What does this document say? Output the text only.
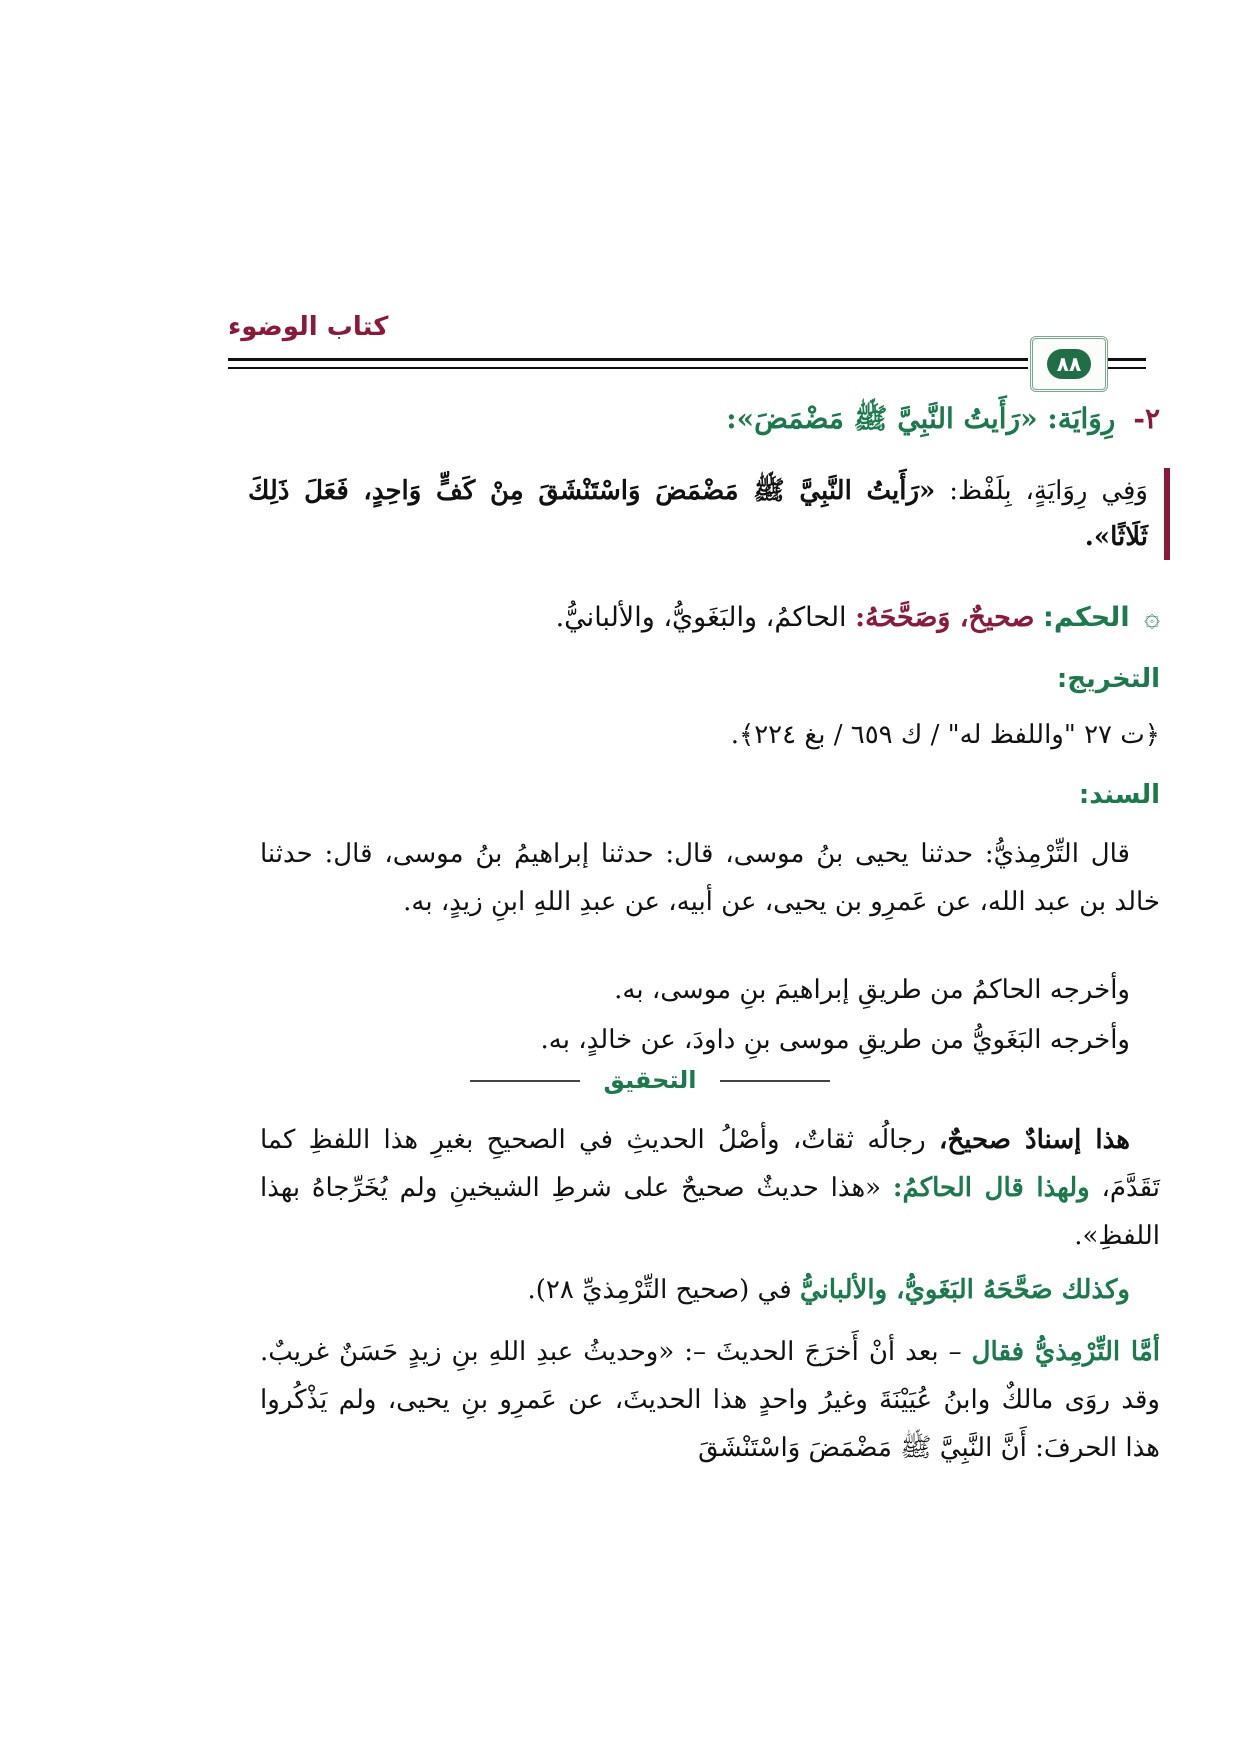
كتاب الوضوء
٨٨
٢-رِوَايَة: «رَأَيتُ النَّبِيَّ ﷺ مَضْمَضَ»:

وَفِي رِوَايَةٍ، بِلَفْظ: «رَأَيتُ النَّبِيَّ ﷺ مَضْمَضَ وَاسْتَنْشَقَ مِنْ كَفٍّ وَاحِدٍ، فَعَلَ ذَلِكَ ثَلَاثًا».

۞ الحكم: صحيحٌ، وَصَحَّحَهُ: الحاكمُ، والبَغَويُّ، والألبانيُّ.
التخريج:
﴿ت ٢٧ "واللفظ له" / ك ٦٥٩ / بغ ٢٢٤﴾.
السند:

قال التِّرْمِذيُّ: حدثنا يحيى بنُ موسى، قال: حدثنا إبراهيمُ بنُ موسى، قال: حدثنا خالد بن عبد الله، عن عَمرِو بن يحيى، عن أبيه، عن عبدِ اللهِ ابنِ زيدٍ، به.

وأخرجه الحاكمُ من طريقِ إبراهيمَ بنِ موسى، به.

التحقيق

وأخرجه البَغَويُّ من طريقِ موسى بنِ داودَ، عن خالدٍ، به.

هذا إسنادٌ صحيحٌ، رجالُه ثقاتٌ، وأصْلُ الحديثِ في الصحيحِ بغيرِ هذا اللفظِ كما تَقَدَّمَ، ولهذا قال الحاكمُ: «هذا حديثٌ صحيحٌ على شرطِ الشيخينِ ولم يُخَرِّجاهُ بهذا اللفظِ».

وكذلك صَحَّحَهُ البَغَويُّ، والألبانيُّ في (صحيح التِّرْمِذيِّ ٢٨).

أمَّا التِّرْمِذيُّ فقال – بعد أنْ أَخرَجَ الحديثَ –: «وحديثُ عبدِ اللهِ بنِ زيدٍ حَسَنٌ غريبٌ. وقد روَى مالكٌ وابنُ عُيَيْنَةَ وغيرُ واحدٍ هذا الحديثَ، عن عَمرِو بنِ يحيى، ولم يَذْكُروا هذا الحرفَ: أَنَّ النَّبِيَّ ﷺ مَضْمَضَ وَاسْتَنْشَقَ
